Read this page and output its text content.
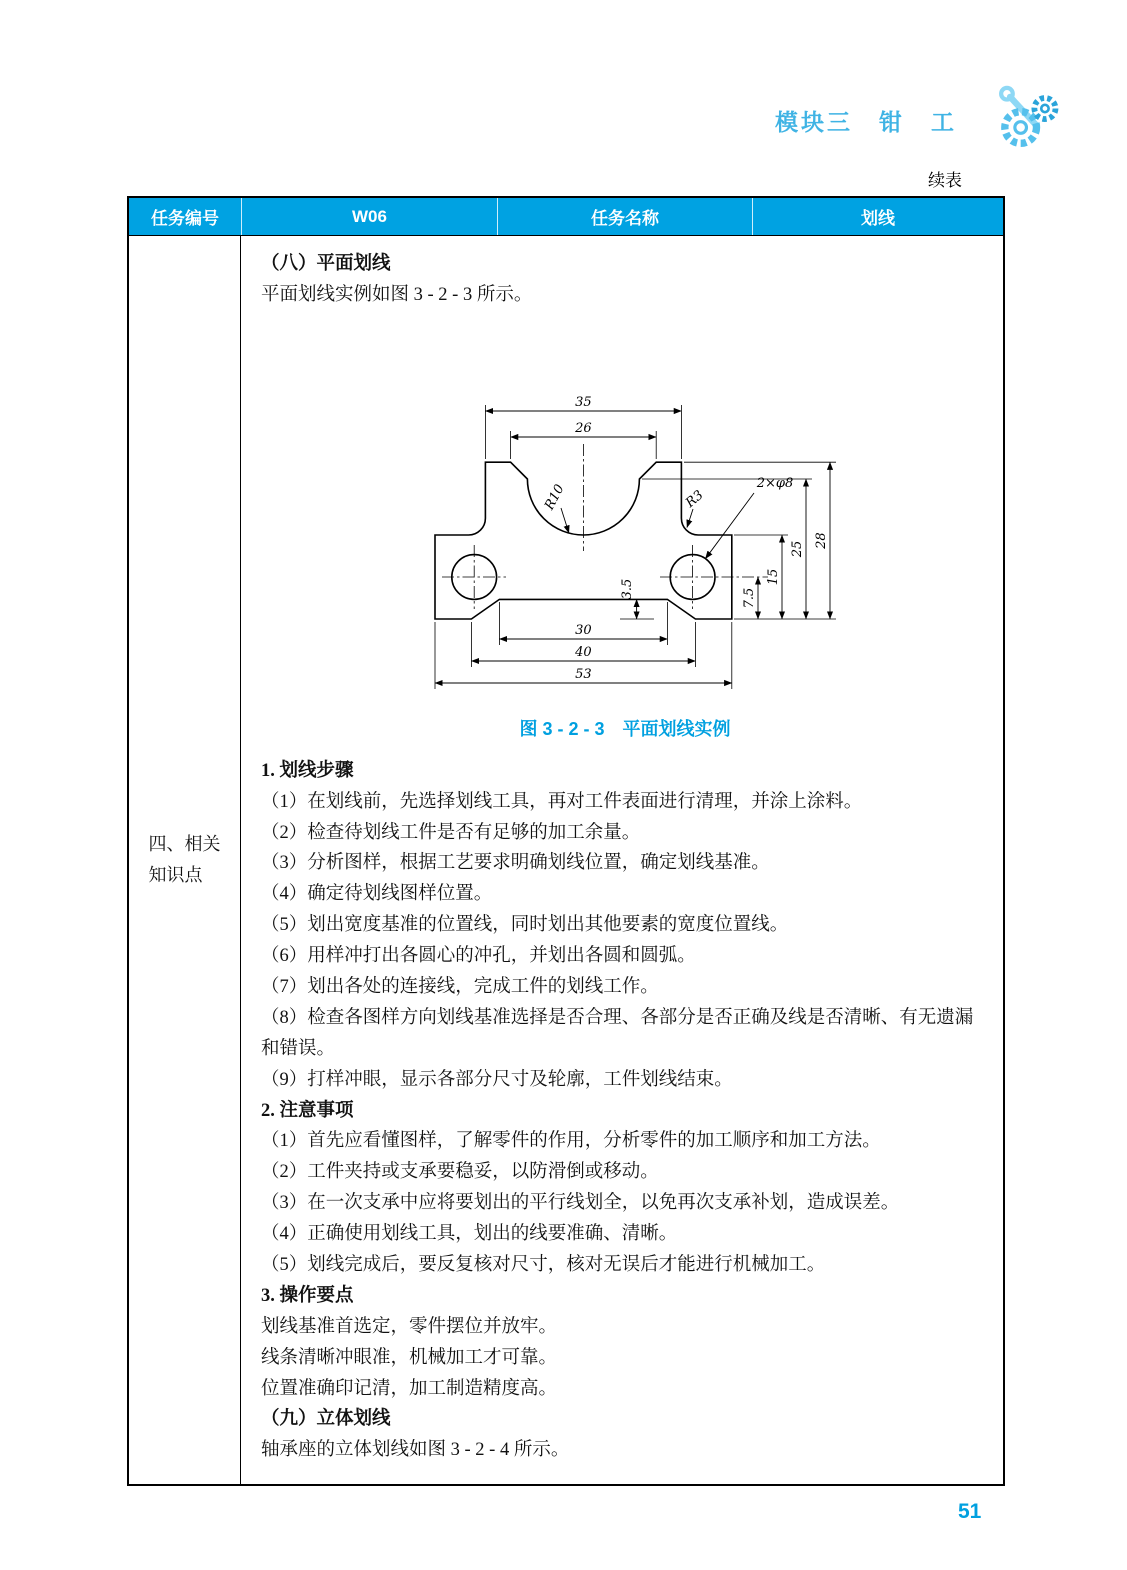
模块三　钳　工
续表
任务编号	W06	任务名称	划线
四、相关
知识点

（八）平面划线

平面划线实例如图 3 - 2 - 3 所示。

35
26
30
40
53
7.5
15
25
28
3.5
R10	R3
2×φ8

图 3 - 2 - 3　平面划线实例

1. 划线步骤

（1）在划线前，先选择划线工具，再对工件表面进行清理，并涂上涂料。

（2）检查待划线工件是否有足够的加工余量。

（3）分析图样，根据工艺要求明确划线位置，确定划线基准。

（4）确定待划线图样位置。

（5）划出宽度基准的位置线，同时划出其他要素的宽度位置线。

（6）用样冲打出各圆心的冲孔，并划出各圆和圆弧。

（7）划出各处的连接线，完成工件的划线工作。

（8）检查各图样方向划线基准选择是否合理、各部分是否正确及线是否清晰、有无遗漏和错误。

（9）打样冲眼，显示各部分尺寸及轮廓，工件划线结束。

2. 注意事项

（1）首先应看懂图样，了解零件的作用，分析零件的加工顺序和加工方法。

（2）工件夹持或支承要稳妥，以防滑倒或移动。

（3）在一次支承中应将要划出的平行线划全，以免再次支承补划，造成误差。

（4）正确使用划线工具，划出的线要准确、清晰。

（5）划线完成后，要反复核对尺寸，核对无误后才能进行机械加工。

3. 操作要点

划线基准首选定，零件摆位并放牢。

线条清晰冲眼准，机械加工才可靠。

位置准确印记清，加工制造精度高。

（九）立体划线

轴承座的立体划线如图 3 - 2 - 4 所示。

51
